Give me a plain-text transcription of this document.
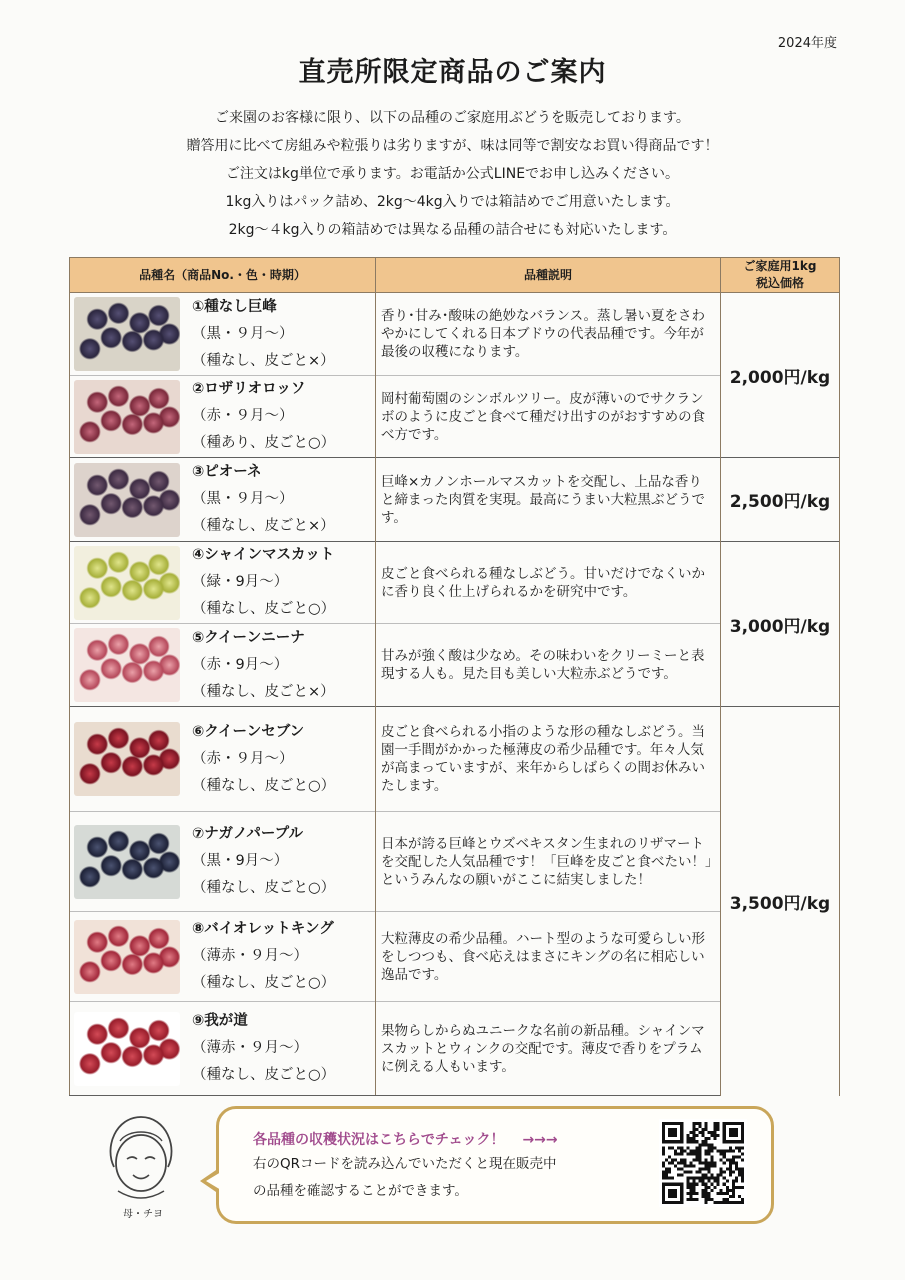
2024年度
直売所限定商品のご案内
ご来園のお客様に限り、以下の品種のご家庭用ぶどうを販売しております。
贈答用に比べて房組みや粒張りは劣りますが、味は同等で割安なお買い得商品です！
ご注文はkg単位で承ります。お電話か公式LINEでお申し込みください。
1kg入りはパック詰め、2kg〜4kg入りでは箱詰めでご用意いたします。
2kg〜４kg入りの箱詰めでは異なる品種の詰合せにも対応いたします。
品種名（商品No.・色・時期）	品種説明	ご家庭用1kg
税込価格

①種なし巨峰
（黒・９月〜）
（種なし、皮ごと×）	香り･甘み･酸味の絶妙なバランス。蒸し暑い夏をさわやかにしてくれる日本ブドウの代表品種です。今年が最後の収穫になります。	2,000円/kg

②ロザリオロッソ
（赤・９月〜）
（種あり、皮ごと○）	岡村葡萄園のシンボルツリー。皮が薄いのでサクランボのように皮ごと食べて種だけ出すのがおすすめの食べ方です。	

③ピオーネ
（黒・９月〜）
（種なし、皮ごと×）	巨峰×カノンホールマスカットを交配し、上品な香りと締まった肉質を実現。最高にうまい大粒黒ぶどうです。	2,500円/kg

④シャインマスカット
（緑・9月〜）
（種なし、皮ごと○）	皮ごと食べられる種なしぶどう。甘いだけでなくいかに香り良く仕上げられるかを研究中です。	3,000円/kg

⑤クイーンニーナ
（赤・9月〜）
（種なし、皮ごと×）	甘みが強く酸は少なめ。その味わいをクリーミーと表現する人も。見た目も美しい大粒赤ぶどうです。	

⑥クイーンセブン
（赤・９月〜）
（種なし、皮ごと○）	皮ごと食べられる小指のような形の種なしぶどう。当園一手間がかかった極薄皮の希少品種です。年々人気が高まっていますが、来年からしばらくの間お休みいたします。	3,500円/kg

⑦ナガノパープル
（黒・9月〜）
（種なし、皮ごと○）	日本が誇る巨峰とウズベキスタン生まれのリザマートを交配した人気品種です！「巨峰を皮ごと食べたい！」というみんなの願いがここに結実しました！	

⑧バイオレットキング
（薄赤・９月〜）
（種なし、皮ごと○）	大粒薄皮の希少品種。ハート型のような可愛らしい形をしつつも、食べ応えはまさにキングの名に相応しい逸品です。	

⑨我が道
（薄赤・９月〜）
（種なし、皮ごと○）	果物らしからぬユニークな名前の新品種。シャインマスカットとウィンクの交配です。薄皮で香りをプラムに例える人もいます。	
母・チヨ
各品種の収穫状況はこちらでチェック！ →→→
右のQRコードを読み込んでいただくと現在販売中
の品種を確認することができます。
